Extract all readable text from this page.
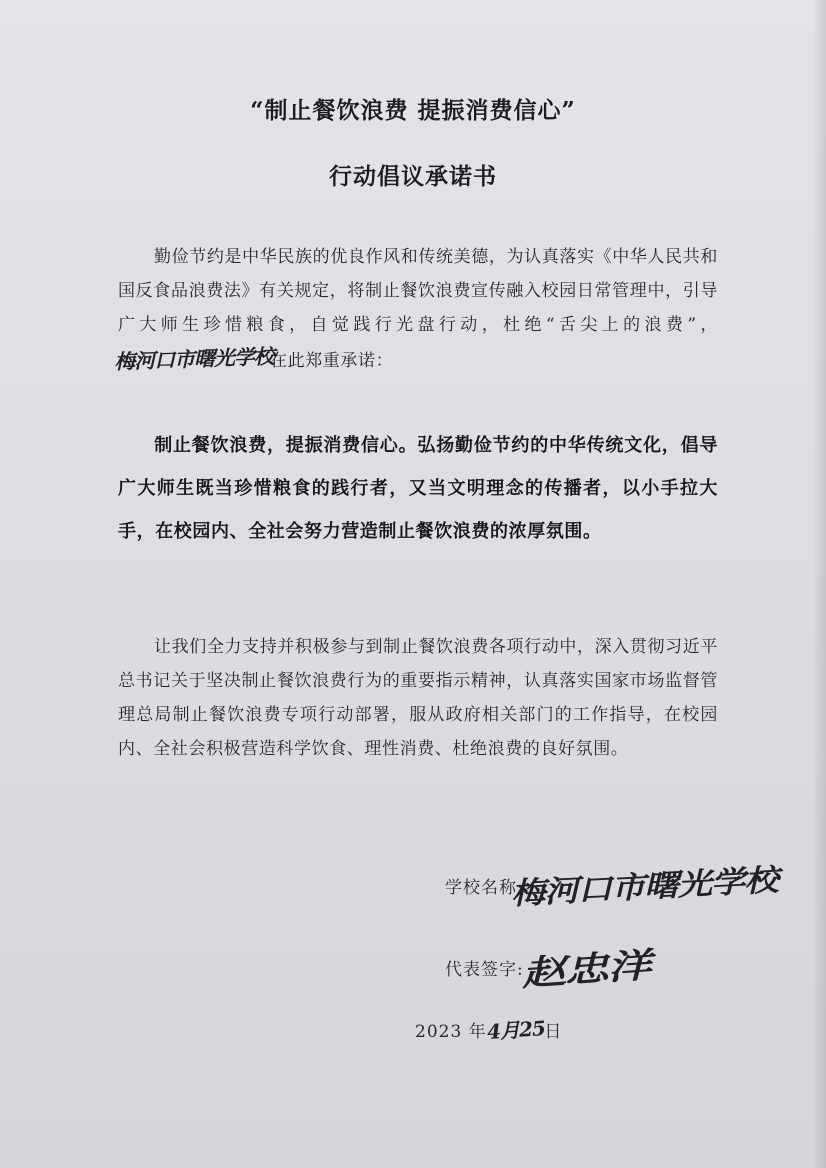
“制止餐饮浪费 提振消费信心”
行动倡议承诺书
勤俭节约是中华民族的优良作风和传统美德，为认真落实《中华人民共和国反食品浪费法》有关规定，将制止餐饮浪费宣传融入校园日常管理中，引导广大师生珍惜粮食，自觉践行光盘行动，杜绝“舌尖上的浪费”，梅河口市曙光学校在此郑重承诺：
制止餐饮浪费，提振消费信心。弘扬勤俭节约的中华传统文化，倡导广大师生既当珍惜粮食的践行者，又当文明理念的传播者，以小手拉大手，在校园内、全社会努力营造制止餐饮浪费的浓厚氛围。
让我们全力支持并积极参与到制止餐饮浪费各项行动中，深入贯彻习近平总书记关于坚决制止餐饮浪费行为的重要指示精神，认真落实国家市场监督管理总局制止餐饮浪费专项行动部署，服从政府相关部门的工作指导，在校园内、全社会积极营造科学饮食、理性消费、杜绝浪费的良好氛围。
学校名称:梅河口市曙光学校
代表签字:赵忠洋
2023 年4月25日
